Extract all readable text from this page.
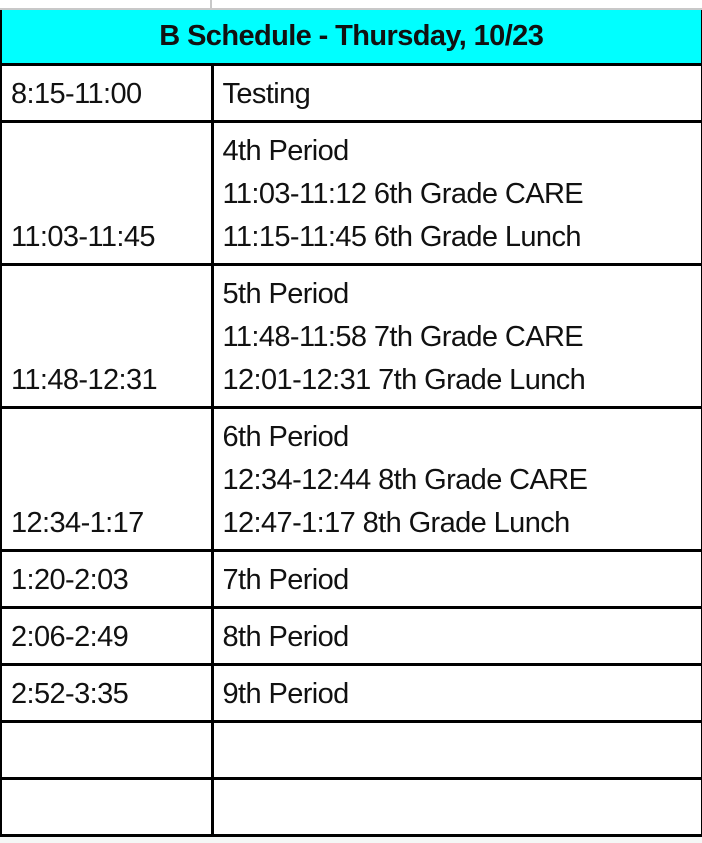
B Schedule - Thursday, 10/23	
8:15-11:00	Testing

11:03-11:45	4th Period
11:03-11:12 6th Grade CARE
11:15-11:45 6th Grade Lunch

11:48-12:31	5th Period
11:48-11:58 7th Grade CARE
12:01-12:31 7th Grade Lunch

12:34-1:17	6th Period
12:34-12:44 8th Grade CARE
12:47-1:17 8th Grade Lunch

1:20-2:03	7th Period

2:06-2:49	8th Period

2:52-3:35	9th Period
